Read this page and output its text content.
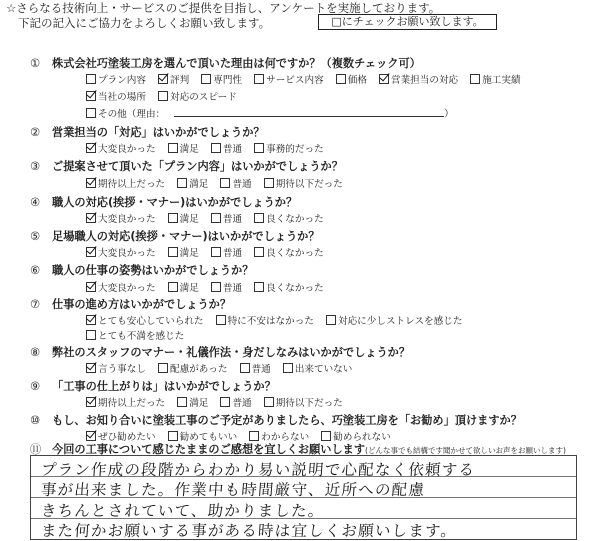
☆さらなる技術向上・サービスのご提供を目指し、アンケートを実施しております。
下記の記入にご協力をよろしくお願い致します。	□にチェックお願い致します。
① 株式会社巧塗装工房を選んで頂いた理由は何ですか？（複数チェック可）
プラン内容	評判	専門性	サービス内容	価格	営業担当の対応	施工実績
当社の場所	対応のスピード
その他（理由：	）
② 営業担当の「対応」はいかがでしょうか？
大変良かった	満足	普通	事務的だった
③ ご提案させて頂いた「プラン内容」はいかがでしょうか？
期待以上だった	満足	普通	期待以下だった
④ 職人の対応(挨拶・マナー)はいかがでしょうか？
大変良かった	満足	普通	良くなかった
⑤ 足場職人の対応(挨拶・マナー)はいかがでしょうか？
大変良かった	満足	普通	良くなかった
⑥ 職人の仕事の姿勢はいかがでしょうか？
大変良かった	満足	普通	良くなかった
⑦ 仕事の進め方はいかがでしょうか？
とても安心していられた	特に不安はなかった	対応に少しストレスを感じた
とても不満を感じた
⑧ 弊社のスタッフのマナー・礼儀作法・身だしなみはいかがでしょうか？
言う事なし	配慮があった	普通	出来ていない
⑨ 「工事の仕上がりは」はいかがでしょうか？
期待以上だった	満足	普通	期待以下だった
⑩ もし、お知り合いに塗装工事のご予定がありましたら、巧塗装工房を「お勧め」頂けますか？
ぜひ勧めたい	勧めてもいい	わからない	勧められない
⑪ 今回の工事について感じたままのご感想を宜しくお願いします(どんな事でも結構です聞かせて欲しいお声をお願いします)
プラン作成の段階からわかり易い説明で心配なく依頼する
事が出来ました。作業中も時間厳守、近所への配慮
きちんとされていて、助かりました。
また何かお願いする事がある時は宜しくお願いします。
